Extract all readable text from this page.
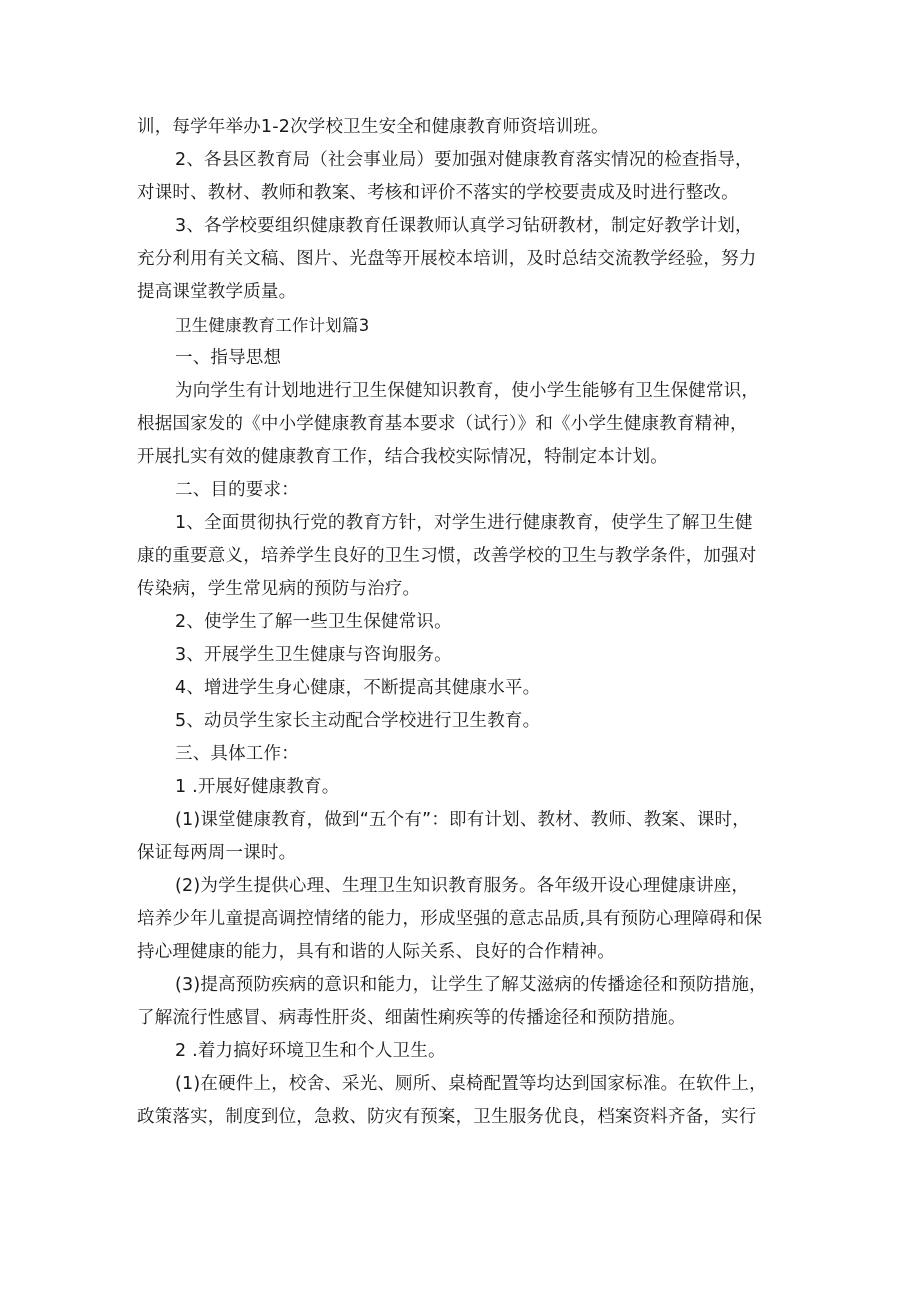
训，每学年举办1-2次学校卫生安全和健康教育师资培训班。
2、各县区教育局（社会事业局）要加强对健康教育落实情况的检查指导，
对课时、教材、教师和教案、考核和评价不落实的学校要责成及时进行整改。
3、各学校要组织健康教育任课教师认真学习钻研教材，制定好教学计划，
充分利用有关文稿、图片、光盘等开展校本培训，及时总结交流教学经验，努力
提高课堂教学质量。
卫生健康教育工作计划篇3
一、指导思想
为向学生有计划地进行卫生保健知识教育，使小学生能够有卫生保健常识，
根据国家发的《中小学健康教育基本要求（试行）》和《小学生健康教育精神，
开展扎实有效的健康教育工作，结合我校实际情况，特制定本计划。
二、目的要求：
1、全面贯彻执行党的教育方针，对学生进行健康教育，使学生了解卫生健
康的重要意义，培养学生良好的卫生习惯，改善学校的卫生与教学条件，加强对
传染病，学生常见病的预防与治疗。
2、使学生了解一些卫生保健常识。
3、开展学生卫生健康与咨询服务。
4、增进学生身心健康，不断提高其健康水平。
5、动员学生家长主动配合学校进行卫生教育。
三、具体工作：
1 .开展好健康教育。
(1)课堂健康教育，做到“五个有”：即有计划、教材、教师、教案、课时，
保证每两周一课时。
(2)为学生提供心理、生理卫生知识教育服务。各年级开设心理健康讲座，
培养少年儿童提高调控情绪的能力，形成坚强的意志品质,具有预防心理障碍和保
持心理健康的能力，具有和谐的人际关系、良好的合作精神。
(3)提高预防疾病的意识和能力，让学生了解艾滋病的传播途径和预防措施，
了解流行性感冒、病毒性肝炎、细菌性痢疾等的传播途径和预防措施。
2 .着力搞好环境卫生和个人卫生。
(1)在硬件上，校舍、采光、厕所、桌椅配置等均达到国家标准。在软件上，
政策落实，制度到位，急救、防灾有预案，卫生服务优良，档案资料齐备，实行
